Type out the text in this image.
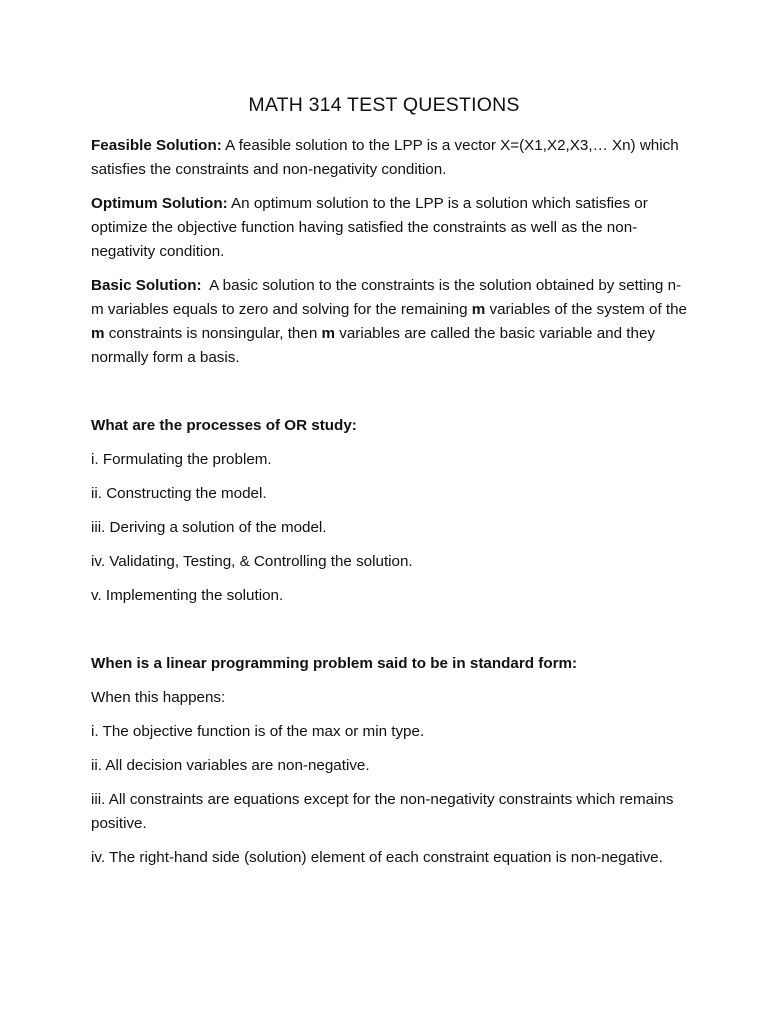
MATH 314 TEST QUESTIONS

Feasible Solution: A feasible solution to the LPP is a vector X=(X1,X2,X3,… Xn) which satisfies the constraints and non-negativity condition.

Optimum Solution: An optimum solution to the LPP is a solution which satisfies or optimize the objective function having satisfied the constraints as well as the non-negativity condition.

Basic Solution:  A basic solution to the constraints is the solution obtained by setting n-m variables equals to zero and solving for the remaining m variables of the system of the m constraints is nonsingular, then m variables are called the basic variable and they normally form a basis.

What are the processes of OR study:

i. Formulating the problem.

ii. Constructing the model.

iii. Deriving a solution of the model.

iv. Validating, Testing, & Controlling the solution.

v. Implementing the solution.

When is a linear programming problem said to be in standard form:

When this happens:

i. The objective function is of the max or min type.

ii. All decision variables are non-negative.

iii. All constraints are equations except for the non-negativity constraints which remains positive.

iv. The right-hand side (solution) element of each constraint equation is non-negative.
